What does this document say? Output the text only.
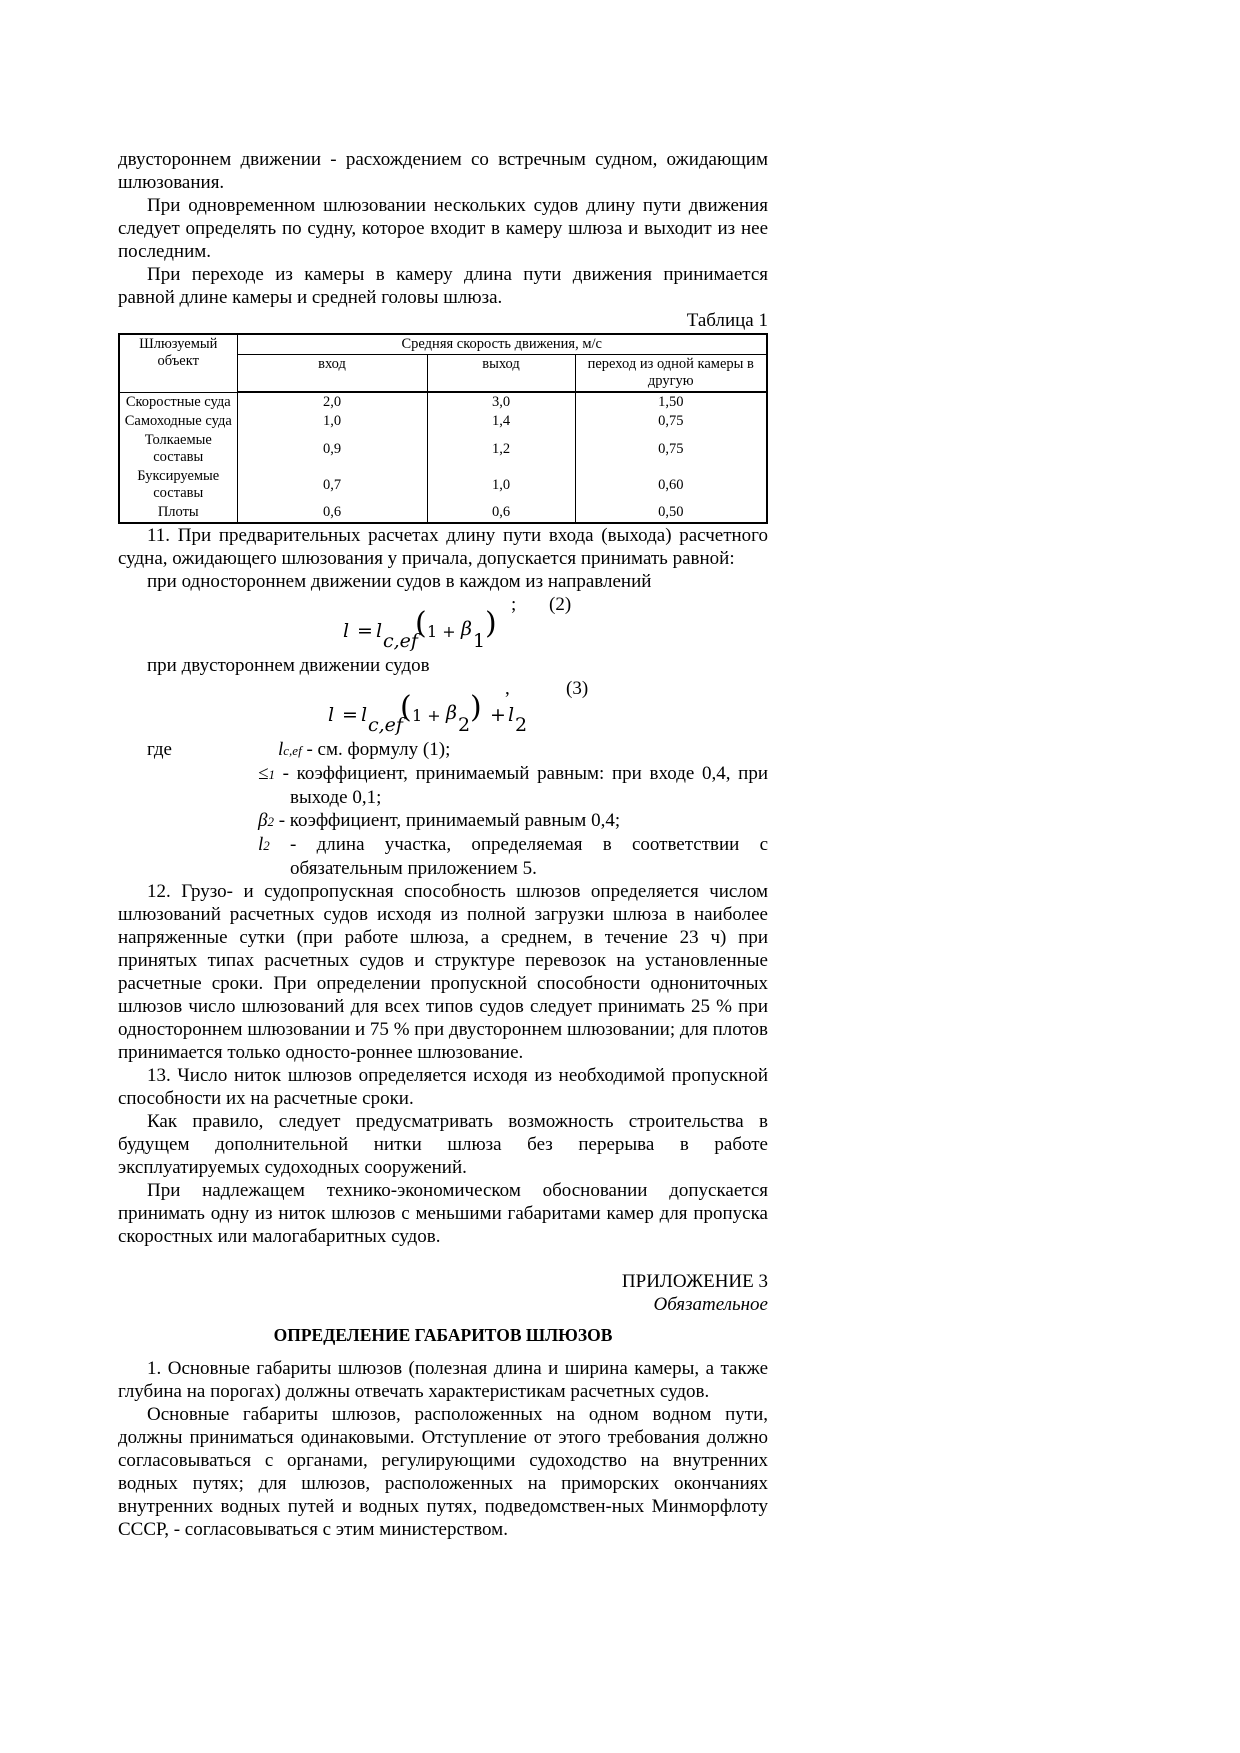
двустороннем движении - расхождением со встречным судном, ожидающим шлюзования.

При одновременном шлюзовании нескольких судов длину пути движения следует определять по судну, которое входит в камеру шлюза и выходит из нее последним.

При переходе из камеры в камеру длина пути движения принимается равной длине камеры и средней головы шлюза.

Таблица 1

Шлюзуемый объект	Средняя скорость движения, м/с		
	вход	выход	переход из одной камеры в другую
Скоростные суда	2,0	3,0	1,50
Самоходные суда	1,0	1,4	0,75
Толкаемые составы	0,9	1,2	0,75
Буксируемые составы	0,7	1,0	0,60
Плоты	0,6	0,6	0,50

11. При предварительных расчетах длину пути входа (выхода) расчетного судна, ожидающего шлюзования у причала, допускается принимать равной:

при одностороннем движении судов в каждом из направлений

; (2)
l = l c,ef
( 1 + β
1 )

при двустороннем движении судов

,	(3)
l = l c,ef
( 1 + β
2 ) + l 2
где	lc,ef - см. формулу (1);
≤1 - коэффициент, принимаемый равным: при входе 0,4, при выходе 0,1;
β2 - коэффициент, принимаемый равным 0,4;
l2 - длина участка, определяемая в соответствии с обязательным приложением 5.

12. Грузо- и судопропускная способность шлюзов определяется числом шлюзований расчетных судов исходя из полной загрузки шлюза в наиболее напряженные сутки (при работе шлюза, а среднем, в течение 23 ч) при принятых типах расчетных судов и структуре перевозок на установленные расчетные сроки. При определении пропускной способности однониточных шлюзов число шлюзований для всех типов судов следует принимать 25 % при одностороннем шлюзовании и 75 % при двустороннем шлюзовании; для плотов принимается только односто-роннее шлюзование.

13. Число ниток шлюзов определяется исходя из необходимой пропускной способности их на расчетные сроки.

Как правило, следует предусматривать возможность строительства в будущем дополнительной нитки шлюза без перерыва в работе эксплуатируемых судоходных сооружений.

При надлежащем технико-экономическом обосновании допускается принимать одну из ниток шлюзов с меньшими габаритами камер для пропуска скоростных или малогабаритных судов.

ПРИЛОЖЕНИЕ 3

Обязательное

ОПРЕДЕЛЕНИЕ ГАБАРИТОВ ШЛЮЗОВ

1. Основные габариты шлюзов (полезная длина и ширина камеры, а также глубина на порогах) должны отвечать характеристикам расчетных судов.

Основные габариты шлюзов, расположенных на одном водном пути, должны приниматься одинаковыми. Отступление от этого требования должно согласовываться с органами, регулирующими судоходство на внутренних водных путях; для шлюзов, расположенных на приморских окончаниях внутренних водных путей и водных путях, подведомствен-ных Минморфлоту СССР, - согласовываться с этим министерством.
